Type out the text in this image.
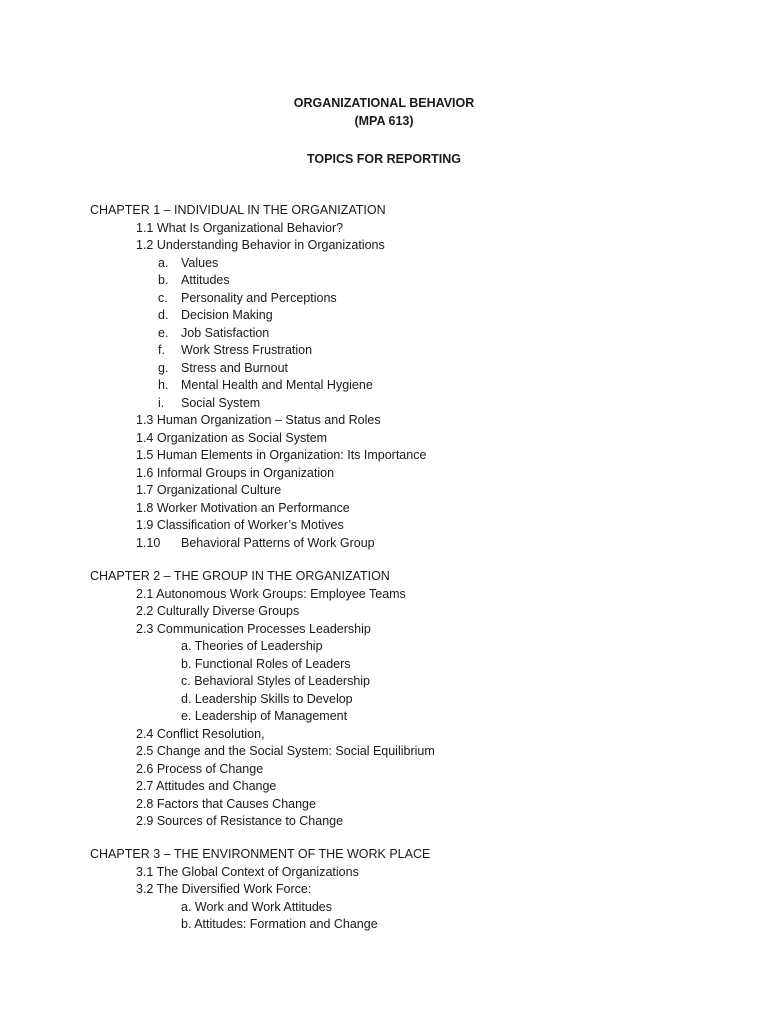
ORGANIZATIONAL BEHAVIOR
(MPA 613)
TOPICS FOR REPORTING
CHAPTER 1 – INDIVIDUAL IN THE ORGANIZATION
1.1 What Is Organizational Behavior?
1.2 Understanding Behavior in Organizations
a. Values
b. Attitudes
c. Personality and Perceptions
d. Decision Making
e. Job Satisfaction
f. Work Stress Frustration
g. Stress and Burnout
h. Mental Health and Mental Hygiene
i. Social System
1.3 Human Organization – Status and Roles
1.4 Organization as Social System
1.5 Human Elements in Organization: Its Importance
1.6 Informal Groups in Organization
1.7 Organizational Culture
1.8 Worker Motivation an Performance
1.9 Classification of Worker’s Motives
1.10 Behavioral Patterns of Work Group
CHAPTER 2 – THE GROUP IN THE ORGANIZATION
2.1 Autonomous Work Groups: Employee Teams
2.2 Culturally Diverse Groups
2.3 Communication Processes Leadership
a. Theories of Leadership
b. Functional Roles of Leaders
c. Behavioral Styles of Leadership
d. Leadership Skills to Develop
e. Leadership of Management
2.4 Conflict Resolution,
2.5 Change and the Social System: Social Equilibrium
2.6 Process of Change
2.7 Attitudes and Change
2.8 Factors that Causes Change
2.9 Sources of Resistance to Change
CHAPTER 3 – THE ENVIRONMENT OF THE WORK PLACE
3.1 The Global Context of Organizations
3.2 The Diversified Work Force:
a. Work and Work Attitudes
b. Attitudes: Formation and Change
